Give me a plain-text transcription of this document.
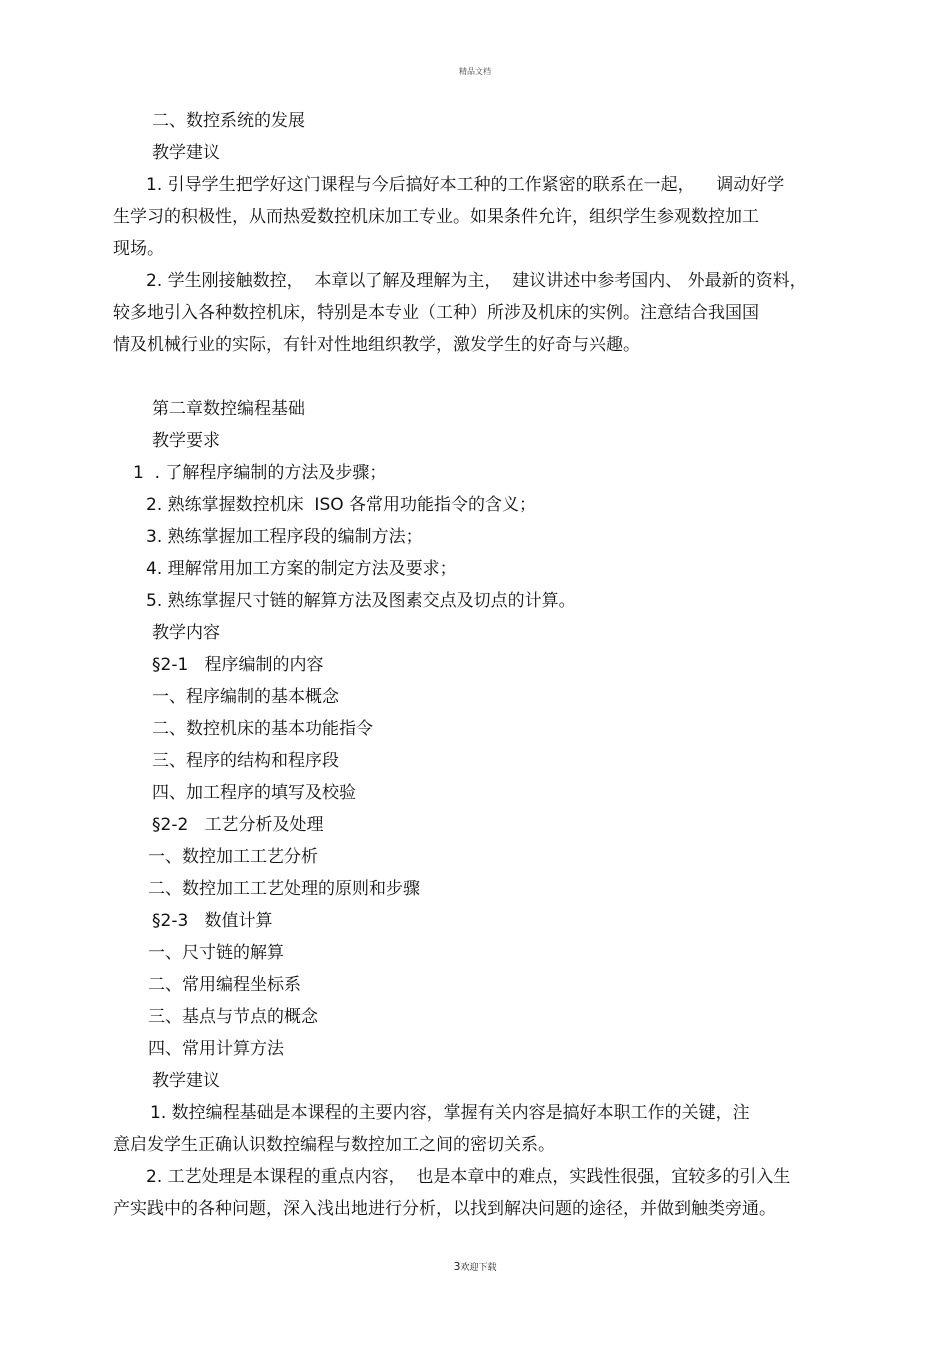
精品文档
二、数控系统的发展
教学建议
1. 引导学生把学好这门课程与今后搞好本工种的工作紧密的联系在一起，    调动好学
生学习的积极性，从而热爱数控机床加工专业。如果条件允许，组织学生参观数控加工
现场。
2. 学生刚接触数控，  本章以了解及理解为主，  建议讲述中参考国内、 外最新的资料，
较多地引入各种数控机床，特别是本专业（工种）所涉及机床的实例。注意结合我国国
情及机械行业的实际，有针对性地组织教学，激发学生的好奇与兴趣。
第二章数控编程基础
教学要求
1  . 了解程序编制的方法及步骤；
2. 熟练掌握数控机床  ISO 各常用功能指令的含义；
3. 熟练掌握加工程序段的编制方法；
4. 理解常用加工方案的制定方法及要求；
5. 熟练掌握尺寸链的解算方法及图素交点及切点的计算。
教学内容
§2-1   程序编制的内容
一、程序编制的基本概念
二、数控机床的基本功能指令
三、程序的结构和程序段
四、加工程序的填写及校验
§2-2   工艺分析及处理
一、数控加工工艺分析
二、数控加工工艺处理的原则和步骤
§2-3   数值计算
一、尺寸链的解算
二、常用编程坐标系
三、基点与节点的概念
四、常用计算方法
教学建议
1. 数控编程基础是本课程的主要内容，掌握有关内容是搞好本职工作的关键，注
意启发学生正确认识数控编程与数控加工之间的密切关系。
2. 工艺处理是本课程的重点内容，  也是本章中的难点，实践性很强，宜较多的引入生
产实践中的各种问题，深入浅出地进行分析，以找到解决问题的途径，并做到触类旁通。
3欢迎下载
